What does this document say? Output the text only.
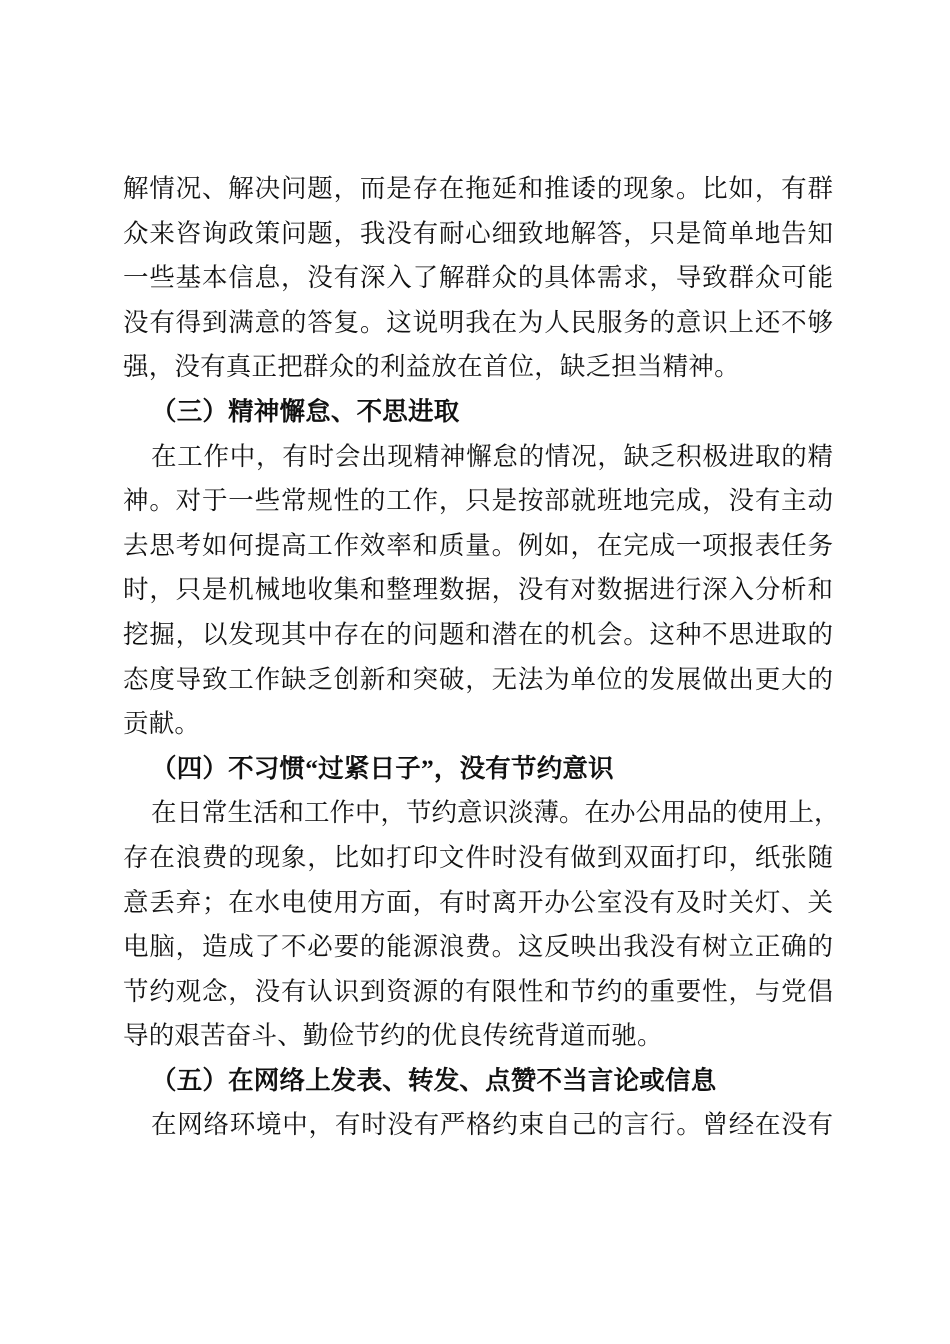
解情况、解决问题，而是存在拖延和推诿的现象。比如，有群
众来咨询政策问题，我没有耐心细致地解答，只是简单地告知
一些基本信息，没有深入了解群众的具体需求，导致群众可能
没有得到满意的答复。这说明我在为人民服务的意识上还不够
强，没有真正把群众的利益放在首位，缺乏担当精神。
（三）精神懈怠、不思进取
在工作中，有时会出现精神懈怠的情况，缺乏积极进取的精
神。对于一些常规性的工作，只是按部就班地完成，没有主动
去思考如何提高工作效率和质量。例如，在完成一项报表任务
时，只是机械地收集和整理数据，没有对数据进行深入分析和
挖掘，以发现其中存在的问题和潜在的机会。这种不思进取的
态度导致工作缺乏创新和突破，无法为单位的发展做出更大的
贡献。
（四）不习惯“过紧日子”，没有节约意识
在日常生活和工作中，节约意识淡薄。在办公用品的使用上，
存在浪费的现象，比如打印文件时没有做到双面打印，纸张随
意丢弃；在水电使用方面，有时离开办公室没有及时关灯、关
电脑，造成了不必要的能源浪费。这反映出我没有树立正确的
节约观念，没有认识到资源的有限性和节约的重要性，与党倡
导的艰苦奋斗、勤俭节约的优良传统背道而驰。
（五）在网络上发表、转发、点赞不当言论或信息
在网络环境中，有时没有严格约束自己的言行。曾经在没有
